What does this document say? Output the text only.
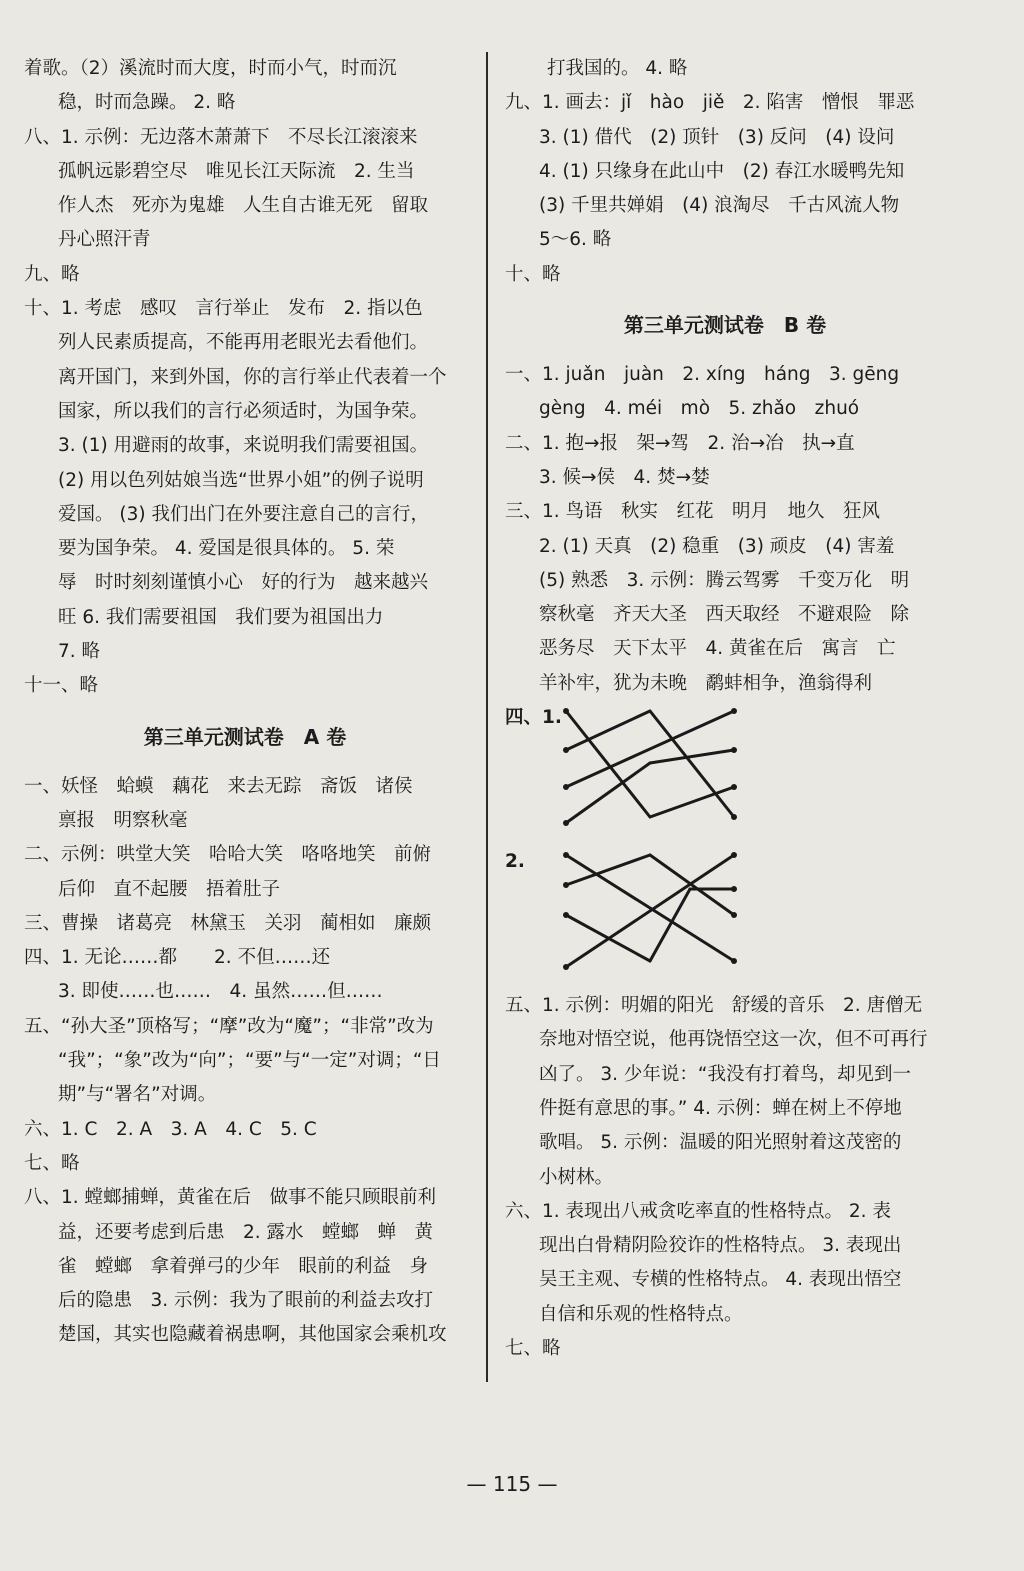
着歌。（2）溪流时而大度，时而小气，时而沉
稳，时而急躁。 2. 略
八、1. 示例：无边落木萧萧下　不尽长江滚滚来
孤帆远影碧空尽　唯见长江天际流　2. 生当
作人杰　死亦为鬼雄　人生自古谁无死　留取
丹心照汗青
九、略
十、1. 考虑　感叹　言行举止　发布　2. 指以色
列人民素质提高，不能再用老眼光去看他们。
离开国门，来到外国，你的言行举止代表着一个
国家，所以我们的言行必须适时，为国争荣。
3. (1) 用避雨的故事，来说明我们需要祖国。
(2) 用以色列姑娘当选“世界小姐”的例子说明
爱国。 (3) 我们出门在外要注意自己的言行，
要为国争荣。 4. 爱国是很具体的。 5. 荣
辱　时时刻刻谨慎小心　好的行为　越来越兴
旺 6. 我们需要祖国　我们要为祖国出力
7. 略
十一、略
第三单元测试卷　A 卷
一、妖怪　蛤蟆　藕花　来去无踪　斋饭　诸侯
禀报　明察秋毫
二、示例：哄堂大笑　哈哈大笑　咯咯地笑　前俯
后仰　直不起腰　捂着肚子
三、曹操　诸葛亮　林黛玉　关羽　蔺相如　廉颇
四、1. 无论……都　　2. 不但……还
3. 即使……也……　4. 虽然……但……
五、“孙大圣”顶格写；“摩”改为“魔”；“非常”改为
“我”；“象”改为“向”；“要”与“一定”对调；“日
期”与“署名”对调。
六、1. C　2. A　3. A　4. C　5. C
七、略
八、1. 螳螂捕蝉，黄雀在后　做事不能只顾眼前利
益，还要考虑到后患　2. 露水　螳螂　蝉　黄
雀　螳螂　拿着弹弓的少年　眼前的利益　身
后的隐患　3. 示例：我为了眼前的利益去攻打
楚国，其实也隐藏着祸患啊，其他国家会乘机攻
打我国的。 4. 略
九、1. 画去：jǐ　hào　jiě　2. 陷害　憎恨　罪恶
3. (1) 借代　(2) 顶针　(3) 反问　(4) 设问
4. (1) 只缘身在此山中　(2) 春江水暖鸭先知
(3) 千里共婵娟　(4) 浪淘尽　千古风流人物
5～6. 略
十、略
第三单元测试卷　B 卷
一、1. juǎn　juàn　2. xíng　háng　3. gēng
gèng　4. méi　mò　5. zhǎo　zhuó
二、1. 抱→报　架→驾　2. 治→冶　执→直
3. 候→侯　4. 焚→婪
三、1. 鸟语　秋实　红花　明月　地久　狂风
2. (1) 天真　(2) 稳重　(3) 顽皮　(4) 害羞
(5) 熟悉　3. 示例：腾云驾雾　千变万化　明
察秋毫　齐天大圣　西天取经　不避艰险　除
恶务尽　天下太平　4. 黄雀在后　寓言　亡
羊补牢，犹为未晚　鹬蚌相争，渔翁得利
四、1.
2.
五、1. 示例：明媚的阳光　舒缓的音乐　2. 唐僧无
奈地对悟空说，他再饶悟空这一次，但不可再行
凶了。 3. 少年说：“我没有打着鸟，却见到一
件挺有意思的事。” 4. 示例：蝉在树上不停地
歌唱。 5. 示例：温暖的阳光照射着这茂密的
小树林。
六、1. 表现出八戒贪吃率直的性格特点。 2. 表
现出白骨精阴险狡诈的性格特点。 3. 表现出
吴王主观、专横的性格特点。 4. 表现出悟空
自信和乐观的性格特点。
七、略
— 115 —
